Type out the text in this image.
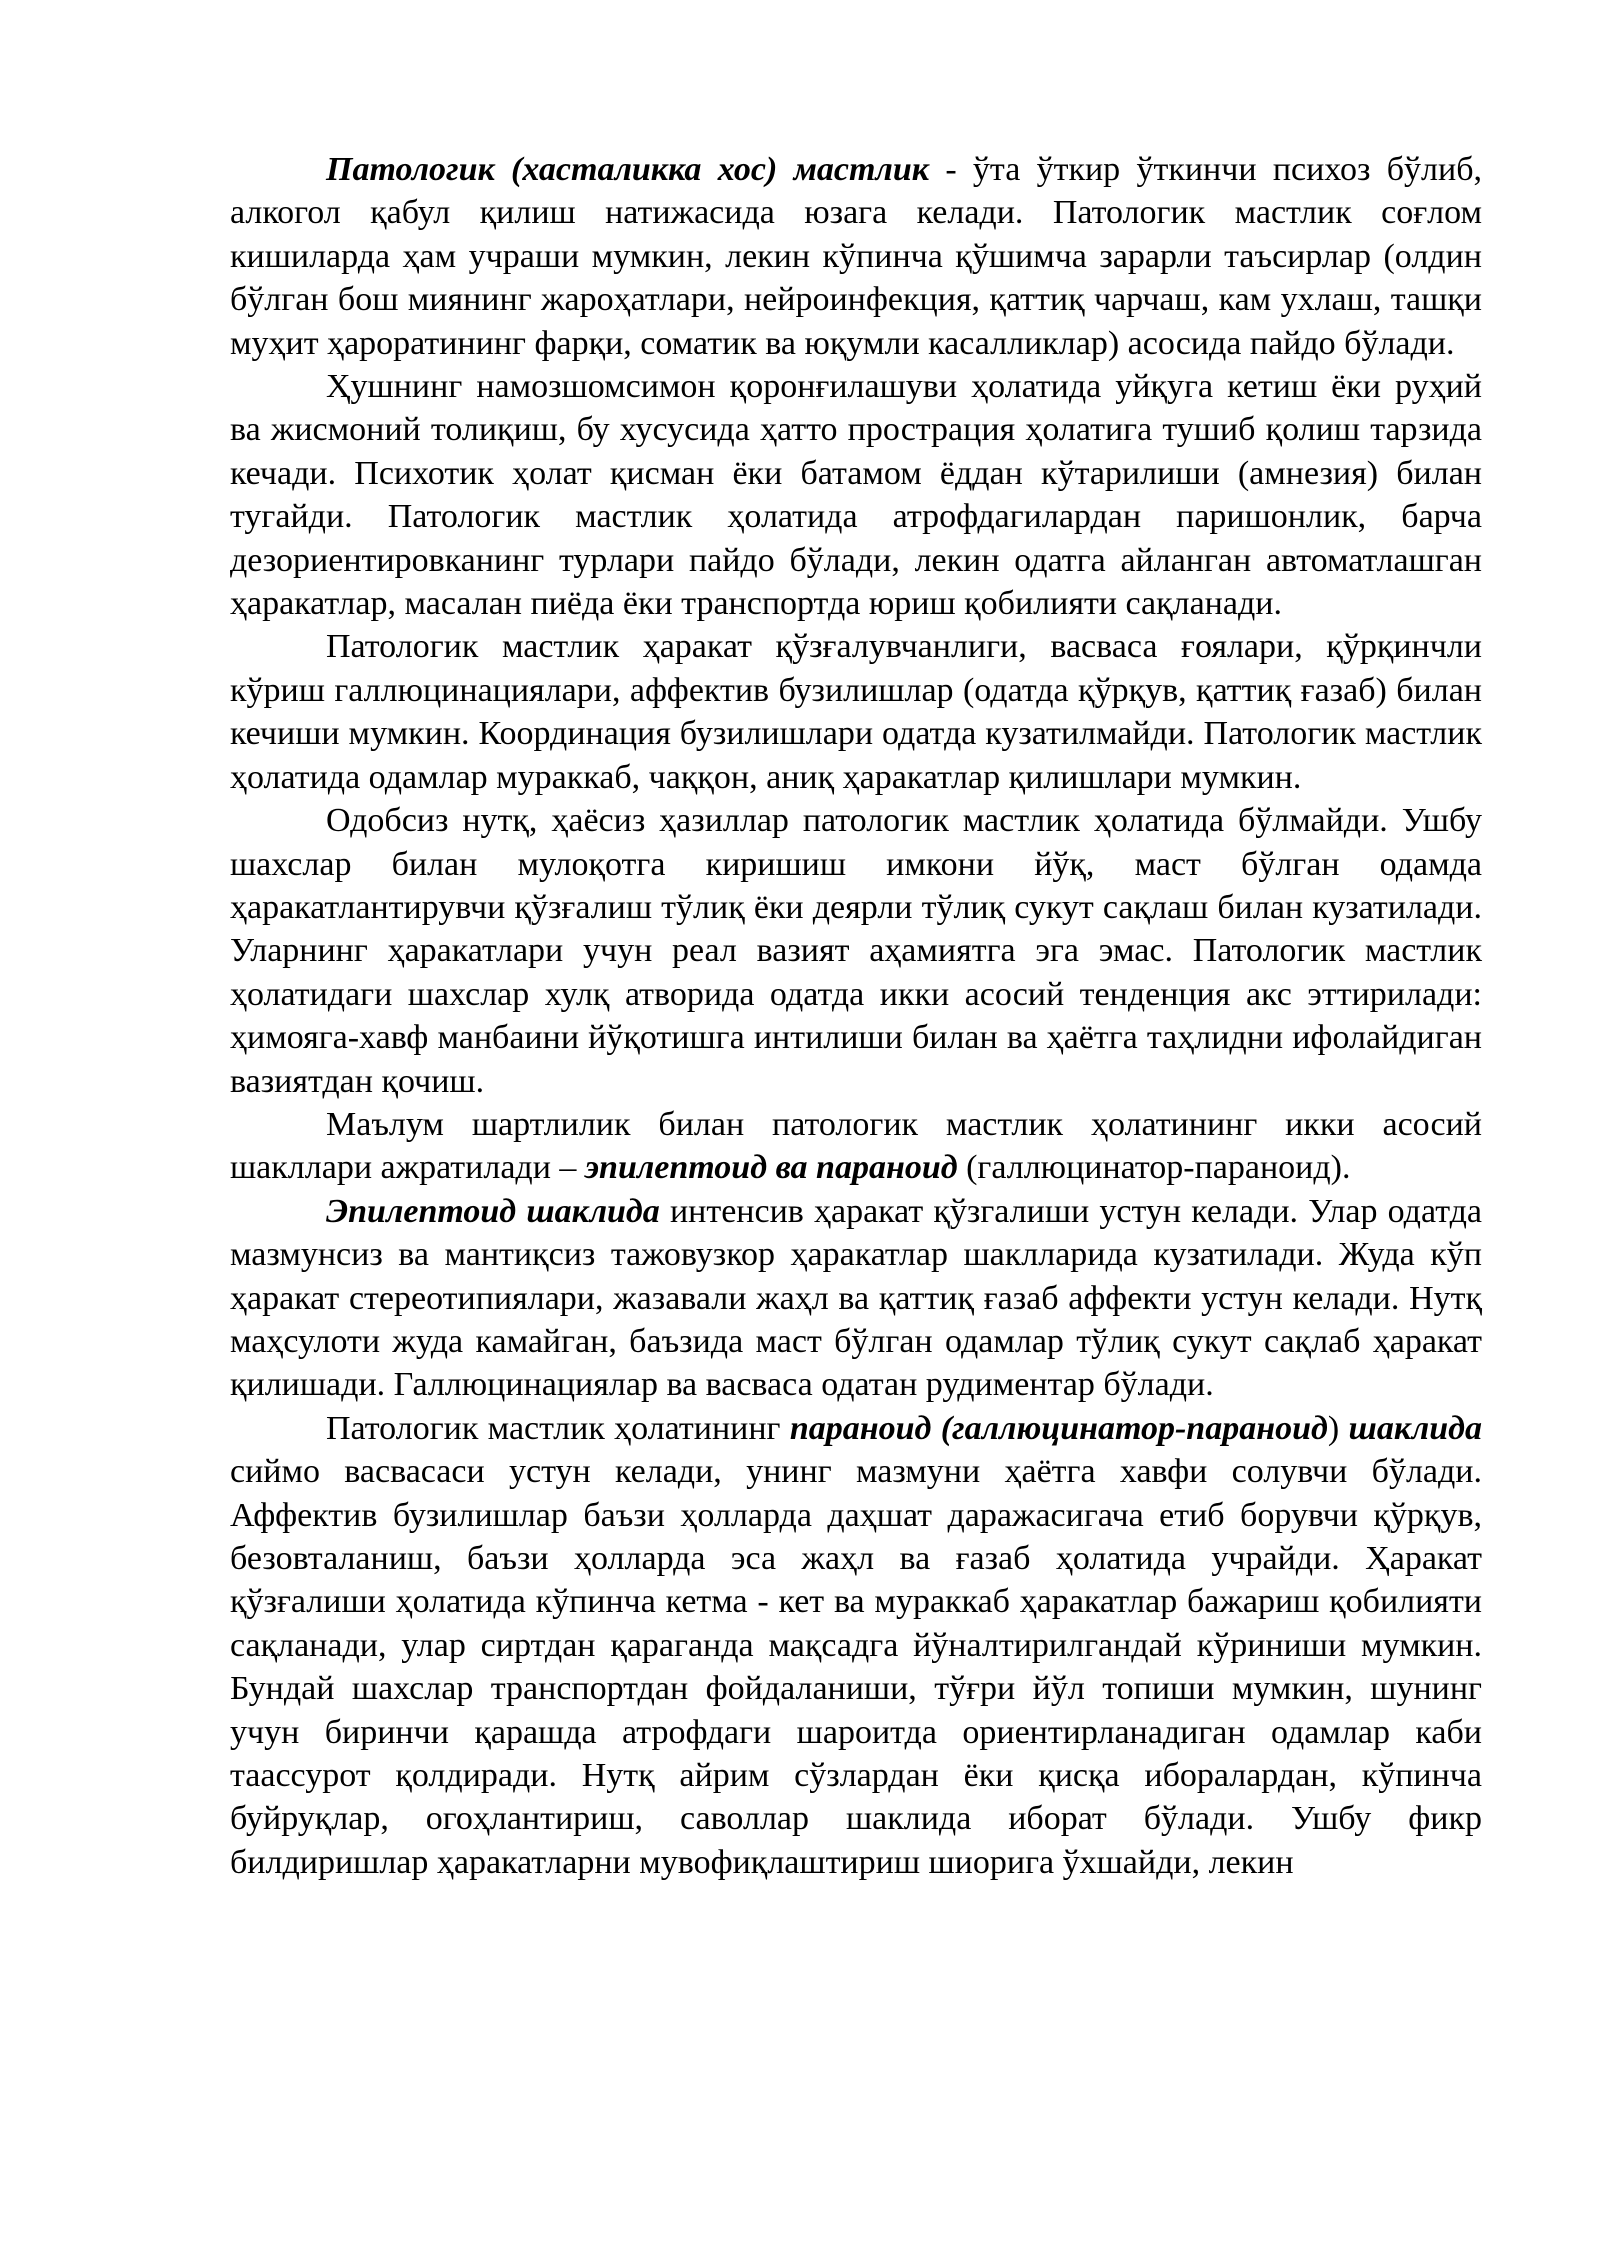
Патологик (хасталикка хос) мастлик - ўта ўткир ўткинчи психоз бўлиб, алкогол қабул қилиш натижасида юзага келади. Патологик мастлик соғлом кишиларда ҳам учраши мумкин, лекин кўпинча қўшимча зарарли таъсирлар (олдин бўлган бош миянинг жароҳатлари, нейроинфекция, қаттиқ чарчаш, кам ухлаш, ташқи муҳит ҳароратининг фарқи, соматик ва юқумли касалликлар) асосида пайдо бўлади.

Ҳушнинг намозшомсимон қоронғилашуви ҳолатида уйқуга кетиш ёки руҳий ва жисмоний толиқиш, бу хусусида ҳатто прострация ҳолатига тушиб қолиш тарзида кечади. Психотик ҳолат қисман ёки батамом ёддан кўтарилиши (амнезия) билан тугайди. Патологик мастлик ҳолатида атрофдагилардан паришонлик, барча дезориентировканинг турлари пайдо бўлади, лекин одатга айланган автоматлашган ҳаракатлар, масалан пиёда ёки транспортда юриш қобилияти сақланади.

Патологик мастлик ҳаракат қўзғалувчанлиги, васваса ғоялари, қўрқинчли кўриш галлюцинациялари, аффектив бузилишлар (одатда қўрқув, қаттиқ ғазаб) билан кечиши мумкин. Координация бузилишлари одатда кузатилмайди. Патологик мастлик ҳолатида одамлар мураккаб, чаққон, аниқ ҳаракатлар қилишлари мумкин.

Одобсиз нутқ, ҳаёсиз ҳазиллар патологик мастлик ҳолатида бўлмайди. Ушбу шахслар билан мулоқотга киришиш имкони йўқ, маст бўлган одамда ҳаракатлантирувчи қўзғалиш тўлиқ ёки деярли тўлиқ сукут сақлаш билан кузатилади. Уларнинг ҳаракатлари учун реал вазият аҳамиятга эга эмас. Патологик мастлик ҳолатидаги шахслар хулқ атворида одатда икки асосий тенденция акс эттирилади: ҳимояга-хавф манбаини йўқотишга интилиши билан ва ҳаётга таҳлидни ифолайдиган вазиятдан қочиш.

Маълум шартлилик билан патологик мастлик ҳолатининг икки асосий шакллари ажратилади – эпилептоид ва параноид (галлюцинатор-параноид).

Эпилептоид шаклида интенсив ҳаракат қўзгалиши устун келади. Улар одатда мазмунсиз ва мантиқсиз тажовузкор ҳаракатлар шаклларида кузатилади. Жуда кўп ҳаракат стереотипиялари, жазавали жаҳл ва қаттиқ ғазаб аффекти устун келади. Нутқ маҳсулоти жуда камайган, баъзида маст бўлган одамлар тўлиқ сукут сақлаб ҳаракат қилишади. Галлюцинациялар ва васваса одатан рудиментар бўлади.

Патологик мастлик ҳолатининг параноид (галлюцинатор-параноид) шаклида сиймо васвасаси устун келади, унинг мазмуни ҳаётга хавфи солувчи бўлади. Аффектив бузилишлар баъзи ҳолларда даҳшат даражасигача етиб борувчи қўрқув, безовталаниш, баъзи ҳолларда эса жаҳл ва ғазаб ҳолатида учрайди. Ҳаракат қўзғалиши ҳолатида кўпинча кетма - кет ва мураккаб ҳаракатлар бажариш қобилияти сақланади, улар сиртдан қараганда мақсадга йўналтирилгандай кўриниши мумкин. Бундай шахслар транспортдан фойдаланиши, тўғри йўл топиши мумкин, шунинг учун биринчи қарашда атрофдаги шароитда ориентирланадиган одамлар каби таассурот қолдиради. Нутқ айрим сўзлардан ёки қисқа иборалардан, кўпинча буйруқлар, огоҳлантириш, саволлар шаклида иборат бўлади. Ушбу фикр билдиришлар ҳаракатларни мувофиқлаштириш шиорига ўхшайди, лекин
